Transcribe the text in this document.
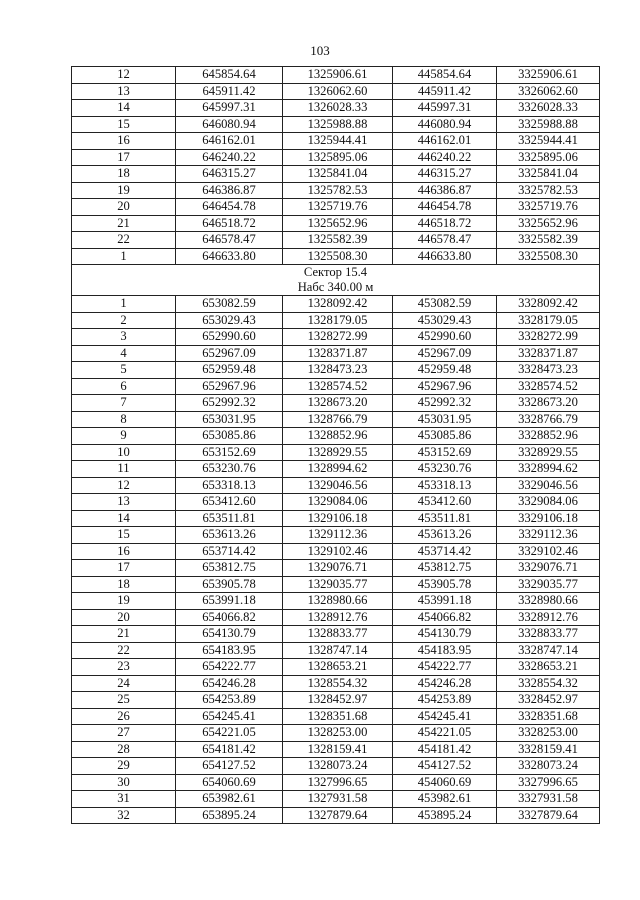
103
12	645854.64	1325906.61	445854.64	3325906.61
13	645911.42	1326062.60	445911.42	3326062.60
14	645997.31	1326028.33	445997.31	3326028.33
15	646080.94	1325988.88	446080.94	3325988.88
16	646162.01	1325944.41	446162.01	3325944.41
17	646240.22	1325895.06	446240.22	3325895.06
18	646315.27	1325841.04	446315.27	3325841.04
19	646386.87	1325782.53	446386.87	3325782.53
20	646454.78	1325719.76	446454.78	3325719.76
21	646518.72	1325652.96	446518.72	3325652.96
22	646578.47	1325582.39	446578.47	3325582.39
1	646633.80	1325508.30	446633.80	3325508.30

Сектор 15.4
Набс 340.00 м				

1	653082.59	1328092.42	453082.59	3328092.42
2	653029.43	1328179.05	453029.43	3328179.05
3	652990.60	1328272.99	452990.60	3328272.99
4	652967.09	1328371.87	452967.09	3328371.87
5	652959.48	1328473.23	452959.48	3328473.23
6	652967.96	1328574.52	452967.96	3328574.52
7	652992.32	1328673.20	452992.32	3328673.20
8	653031.95	1328766.79	453031.95	3328766.79
9	653085.86	1328852.96	453085.86	3328852.96
10	653152.69	1328929.55	453152.69	3328929.55
11	653230.76	1328994.62	453230.76	3328994.62
12	653318.13	1329046.56	453318.13	3329046.56
13	653412.60	1329084.06	453412.60	3329084.06
14	653511.81	1329106.18	453511.81	3329106.18
15	653613.26	1329112.36	453613.26	3329112.36
16	653714.42	1329102.46	453714.42	3329102.46
17	653812.75	1329076.71	453812.75	3329076.71
18	653905.78	1329035.77	453905.78	3329035.77
19	653991.18	1328980.66	453991.18	3328980.66
20	654066.82	1328912.76	454066.82	3328912.76
21	654130.79	1328833.77	454130.79	3328833.77
22	654183.95	1328747.14	454183.95	3328747.14
23	654222.77	1328653.21	454222.77	3328653.21
24	654246.28	1328554.32	454246.28	3328554.32
25	654253.89	1328452.97	454253.89	3328452.97
26	654245.41	1328351.68	454245.41	3328351.68
27	654221.05	1328253.00	454221.05	3328253.00
28	654181.42	1328159.41	454181.42	3328159.41
29	654127.52	1328073.24	454127.52	3328073.24
30	654060.69	1327996.65	454060.69	3327996.65
31	653982.61	1327931.58	453982.61	3327931.58
32	653895.24	1327879.64	453895.24	3327879.64
